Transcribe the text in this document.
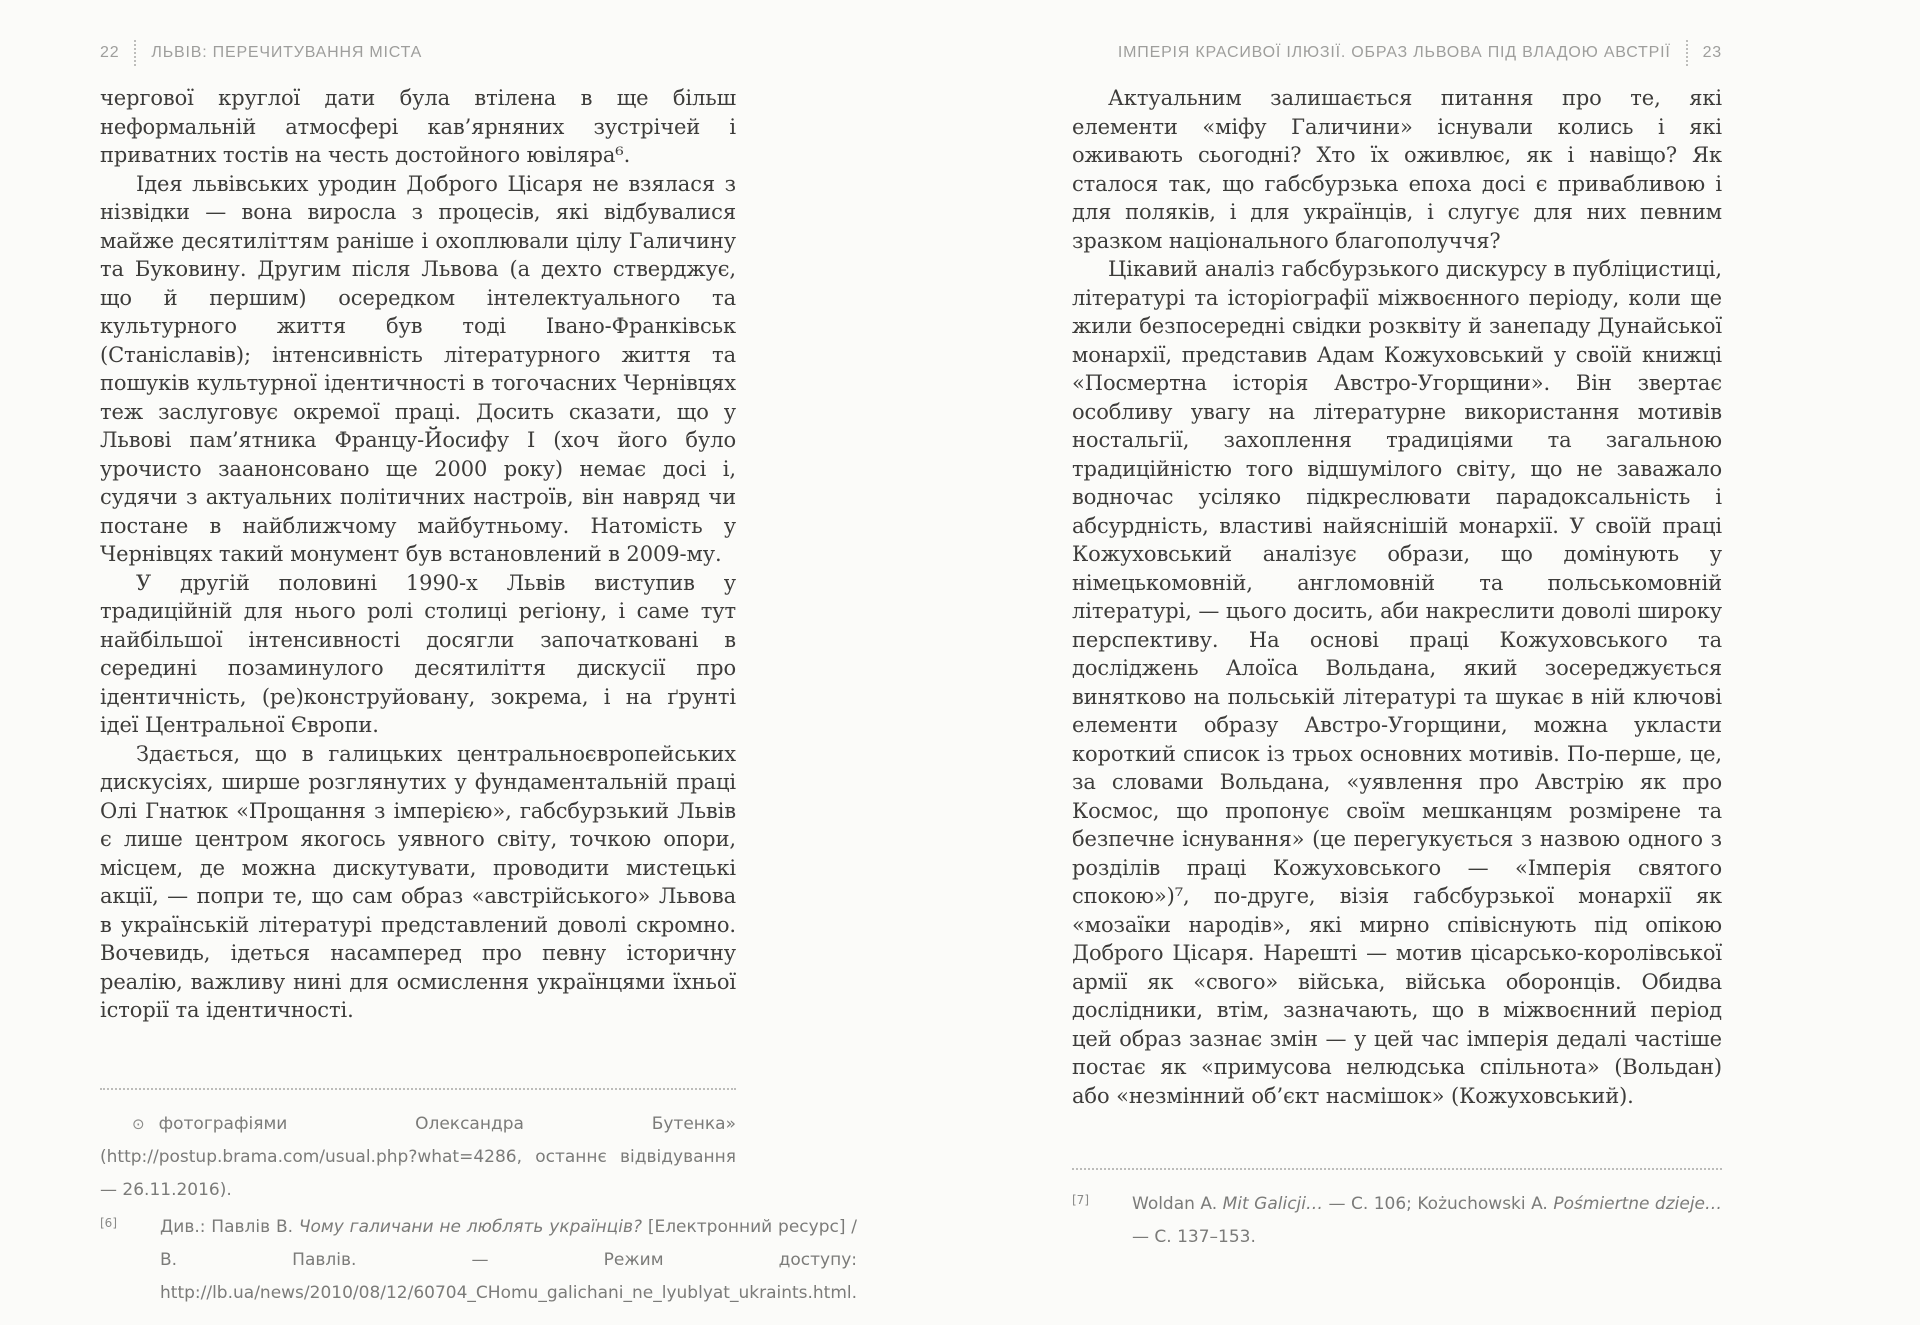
22 ЛЬВІВ: ПЕРЕЧИТУВАННЯ МІСТА

чергової круглої дати була втілена в ще більш неформальній атмосфері кав’ярняних зустрічей і приватних тостів на честь достойного ювіляра⁶.

Ідея львівських уродин Доброго Цісаря не взялася з нізвідки — вона виросла з процесів, які відбувалися майже десятиліттям раніше і охоплювали цілу Галичину та Буковину. Другим після Львова (а дехто стверджує, що й першим) осередком інтелектуального та культурного життя був тоді Івано-Франківськ (Станіславів); інтенсивність літературного життя та пошуків культурної ідентичності в тогочасних Чернівцях теж заслуговує окремої праці. Досить сказати, що у Львові пам’ятника Францу-Йосифу І (хоч його було урочисто заанонсовано ще 2000 року) немає досі і, судячи з актуальних політичних настроїв, він навряд чи постане в найближчому майбутньому. Натомість у Чернівцях такий монумент був встановлений в 2009-му.

У другій половині 1990-х Львів виступив у традиційній для нього ролі столиці регіону, і саме тут найбільшої інтенсивності досягли започатковані в середині позаминулого десятиліття дискусії про ідентичність, (ре)конструйовану, зокрема, і на ґрунті ідеї Центральної Європи.

Здається, що в галицьких центральноєвропейських дискусіях, ширше розглянутих у фундаментальній праці Олі Гнатюк «Прощання з імперією», габсбурзький Львів є лише центром якогось уявного світу, точкою опори, місцем, де можна дискутувати, проводити мистецькі акції, — попри те, що сам образ «австрійського» Львова в українській літературі представлений доволі скромно. Вочевидь, ідеться насамперед про певну історичну реалію, важливу нині для осмислення українцями їхньої історії та ідентичності.

⊙ фотографіями Олександра Бутенка» (http://postup.brama.com/usual.php?what=4286, останнє відвідування — 26.11.2016).

[6]	Див.: Павлів В. Чому галичани не люблять українців? [Електронний ресурс] / В. Павлів. — Режим доступу: http://lb.ua/news/2010/08/12/60704_CHomu_galichani_ne_lyublyat_ukraints.html.
ІМПЕРІЯ КРАСИВОЇ ІЛЮЗІЇ. ОБРАЗ ЛЬВОВА ПІД ВЛАДОЮ АВСТРІЇ 23

Актуальним залишається питання про те, які елементи «міфу Галичини» існували колись і які оживають сьогодні? Хто їх оживлює, як і навіщо? Як сталося так, що габсбурзька епоха досі є привабливою і для поляків, і для українців, і слугує для них певним зразком національного благополуччя?

Цікавий аналіз габсбурзького дискурсу в публіцистиці, літературі та історіографії міжвоєнного періоду, коли ще жили безпосередні свідки розквіту й занепаду Дунайської монархії, представив Адам Кожуховський у своїй книжці «Посмертна історія Австро-Угорщини». Він звертає особливу увагу на літературне використання мотивів ностальгії, захоплення традиціями та загальною традиційністю того відшумілого світу, що не заважало водночас усіляко підкреслювати парадоксальність і абсурдність, властиві найяснішій монархії. У своїй праці Кожуховський аналізує образи, що домінують у німецькомовній, англомовній та польськомовній літературі, — цього досить, аби накреслити доволі широку перспективу. На основі праці Кожуховського та досліджень Алоїса Вольдана, який зосереджується винятково на польській літературі та шукає в ній ключові елементи образу Австро-Угорщини, можна укласти короткий список із трьох основних мотивів. По-перше, це, за словами Вольдана, «уявлення про Австрію як про Космос, що пропонує своїм мешканцям розмірене та безпечне існування» (це перегукується з назвою одного з розділів праці Кожуховського — «Імперія святого спокою»)⁷, по-друге, візія габсбурзької монархії як «мозаїки народів», які мирно співіснують під опікою Доброго Цісаря. Нарешті — мотив цісарсько-королівської армії як «свого» війська, війська оборонців. Обидва дослідники, втім, зазначають, що в міжвоєнний період цей образ зазнає змін — у цей час імперія дедалі частіше постає як «примусова нелюдська спільнота» (Вольдан) або «незмінний об’єкт насмішок» (Кожуховський).

[7]	Woldan A. Mit Galicji… — С. 106; Kożuchowski A. Pośmiertne dzieje… — С. 137–153.
